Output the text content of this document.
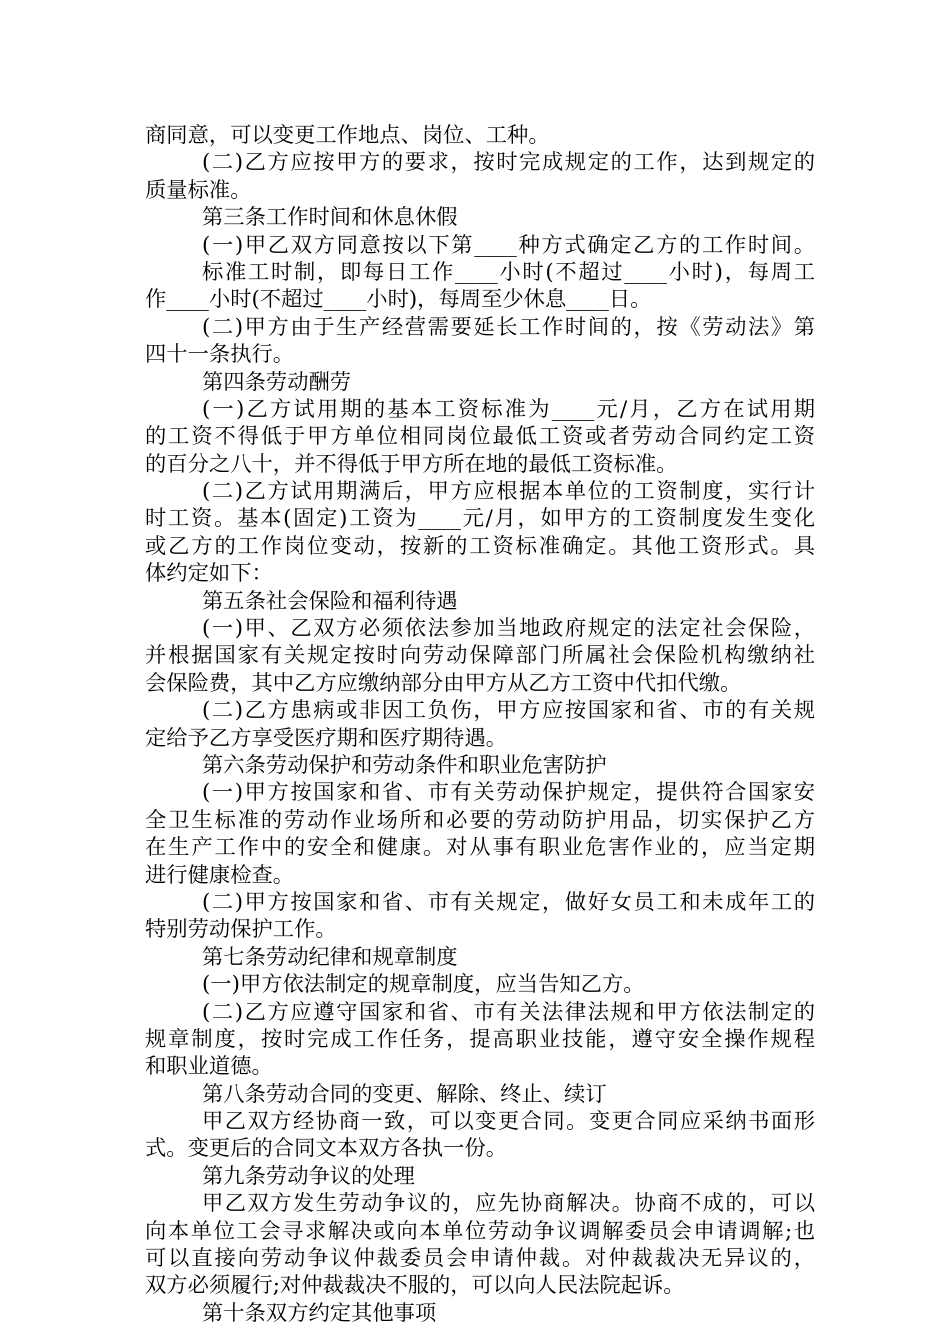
商同意，可以变更工作地点、岗位、工种。
(二)乙方应按甲方的要求，按时完成规定的工作，达到规定的
质量标准。
第三条工作时间和休息休假
(一)甲乙双方同意按以下第____种方式确定乙方的工作时间。
标准工时制，即每日工作____小时(不超过____小时)，每周工
作____小时(不超过____小时)，每周至少休息____日。
(二)甲方由于生产经营需要延长工作时间的，按《劳动法》第
四十一条执行。
第四条劳动酬劳
(一)乙方试用期的基本工资标准为____元/月，乙方在试用期
的工资不得低于甲方单位相同岗位最低工资或者劳动合同约定工资
的百分之八十，并不得低于甲方所在地的最低工资标准。
(二)乙方试用期满后，甲方应根据本单位的工资制度，实行计
时工资。基本(固定)工资为____元/月，如甲方的工资制度发生变化
或乙方的工作岗位变动，按新的工资标准确定。其他工资形式。具
体约定如下：
第五条社会保险和福利待遇
(一)甲、乙双方必须依法参加当地政府规定的法定社会保险，
并根据国家有关规定按时向劳动保障部门所属社会保险机构缴纳社
会保险费，其中乙方应缴纳部分由甲方从乙方工资中代扣代缴。
(二)乙方患病或非因工负伤，甲方应按国家和省、市的有关规
定给予乙方享受医疗期和医疗期待遇。
第六条劳动保护和劳动条件和职业危害防护
(一)甲方按国家和省、市有关劳动保护规定，提供符合国家安
全卫生标准的劳动作业场所和必要的劳动防护用品，切实保护乙方
在生产工作中的安全和健康。对从事有职业危害作业的，应当定期
进行健康检查。
(二)甲方按国家和省、市有关规定，做好女员工和未成年工的
特别劳动保护工作。
第七条劳动纪律和规章制度
(一)甲方依法制定的规章制度，应当告知乙方。
(二)乙方应遵守国家和省、市有关法律法规和甲方依法制定的
规章制度，按时完成工作任务，提高职业技能，遵守安全操作规程
和职业道德。
第八条劳动合同的变更、解除、终止、续订
甲乙双方经协商一致，可以变更合同。变更合同应采纳书面形
式。变更后的合同文本双方各执一份。
第九条劳动争议的处理
甲乙双方发生劳动争议的，应先协商解决。协商不成的，可以
向本单位工会寻求解决或向本单位劳动争议调解委员会申请调解;也
可以直接向劳动争议仲裁委员会申请仲裁。对仲裁裁决无异议的，
双方必须履行;对仲裁裁决不服的，可以向人民法院起诉。
第十条双方约定其他事项
